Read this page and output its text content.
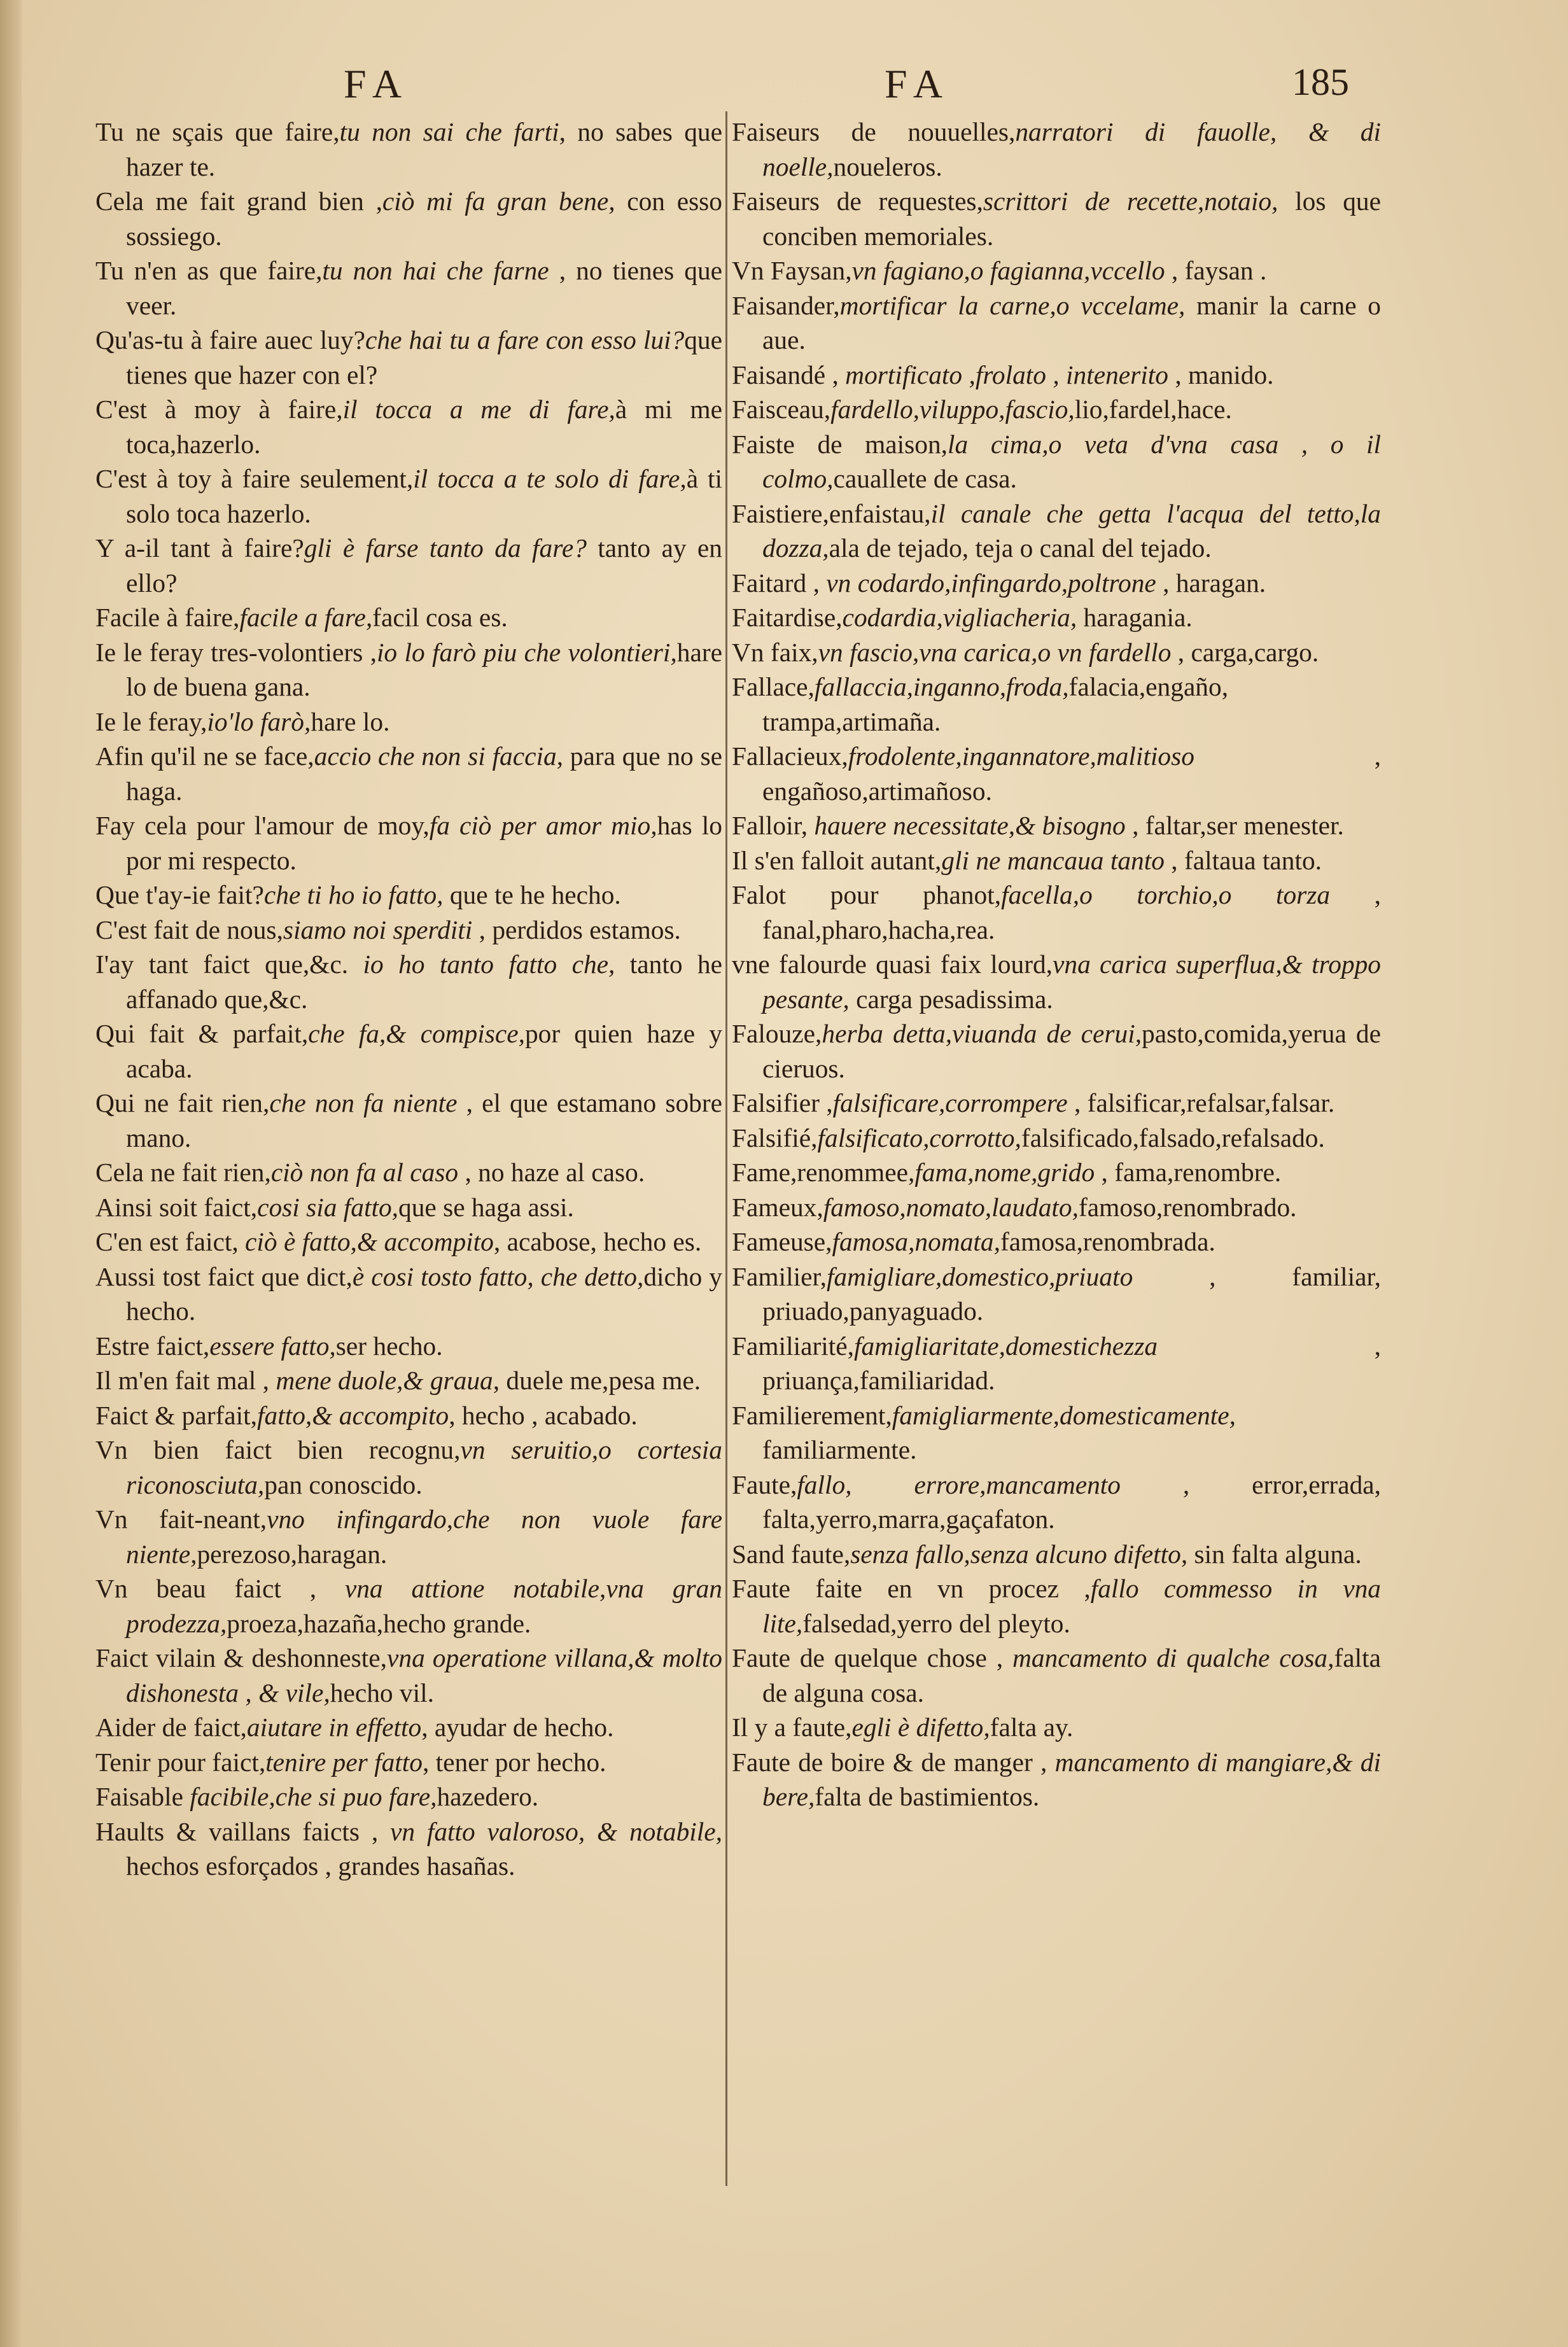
FA	FA	185
Tu ne sçais que faire,tu non sai che farti, no sabes que hazer te.
Cela me fait grand bien ,ciò mi fa gran bene, con esso sossiego.
Tu n'en as que faire,tu non hai che farne , no tienes que veer.
Qu'as-tu à faire auec luy?che hai tu a fare con esso lui?que tienes que hazer con el?
C'est à moy à faire,il tocca a me di fare,à mi me toca,hazerlo.
C'est à toy à faire seulement,il tocca a te solo di fare,à ti solo toca hazerlo.
Y a-il tant à faire?gli è farse tanto da fare? tanto ay en ello?
Facile à faire,facile a fare,facil cosa es.
Ie le feray tres-volontiers ,io lo farò piu che volontieri,hare lo de buena gana.
Ie le feray,io'lo farò,hare lo.
Afin qu'il ne se face,accio che non si faccia, para que no se haga.
Fay cela pour l'amour de moy,fa ciò per amor mio,has lo por mi respecto.
Que t'ay-ie fait?che ti ho io fatto, que te he hecho.
C'est fait de nous,siamo noi sperditi , perdidos estamos.
I'ay tant faict que,&c. io ho tanto fatto che, tanto he affanado que,&c.
Qui fait & parfait,che fa,& compisce,por quien haze y acaba.
Qui ne fait rien,che non fa niente , el que estamano sobre mano.
Cela ne fait rien,ciò non fa al caso , no haze al caso.
Ainsi soit faict,cosi sia fatto,que se haga assi.
C'en est faict, ciò è fatto,& accompito, acabose, hecho es.
Aussi tost faict que dict,è cosi tosto fatto, che detto,dicho y hecho.
Estre faict,essere fatto,ser hecho.
Il m'en fait mal , mene duole,& graua, duele me,pesa me.
Faict & parfait,fatto,& accompito, hecho , acabado.
Vn bien faict bien recognu,vn seruitio,o cortesia riconosciuta,pan conoscido.
Vn fait-neant,vno infingardo,che non vuole fare niente,perezoso,haragan.
Vn beau faict , vna attione notabile,vna gran prodezza,proeza,hazaña,hecho grande.
Faict vilain & deshonneste,vna operatione villana,& molto dishonesta , & vile,hecho vil.
Aider de faict,aiutare in effetto, ayudar de hecho.
Tenir pour faict,tenire per fatto, tener por hecho.
Faisable facibile,che si puo fare,hazedero.
Haults & vaillans faicts , vn fatto valoroso, & notabile, hechos esforçados , grandes hasañas.
Faiseurs de nouuelles,narratori di fauolle, & di noelle,noueleros.
Faiseurs de requestes,scrittori de recette,notaio, los que conciben memoriales.
Vn Faysan,vn fagiano,o fagianna,vccello , faysan .
Faisander,mortificar la carne,o vccelame, manir la carne o aue.
Faisandé , mortificato ,frolato , intenerito , manido.
Faisceau,fardello,viluppo,fascio,lio,fardel,hace.
Faiste de maison,la cima,o veta d'vna casa , o il colmo,cauallete de casa.
Faistiere,enfaistau,il canale che getta l'acqua del tetto,la dozza,ala de tejado, teja o canal del tejado.
Faitard , vn codardo,infingardo,poltrone , haragan.
Faitardise,codardia,vigliacheria, haragania.
Vn faix,vn fascio,vna carica,o vn fardello , carga,cargo.
Fallace,fallaccia,inganno,froda,falacia,engaño, trampa,artimaña.
Fallacieux,frodolente,ingannatore,malitioso , engañoso,artimañoso.
Falloir, hauere necessitate,& bisogno , faltar,ser menester.
Il s'en falloit autant,gli ne mancaua tanto , faltaua tanto.
Falot pour phanot,facella,o torchio,o torza , fanal,pharo,hacha,rea.
vne falourde quasi faix lourd,vna carica superflua,& troppo pesante, carga pesadissima.
Falouze,herba detta,viuanda de cerui,pasto,comida,yerua de cieruos.
Falsifier ,falsificare,corrompere , falsificar,refalsar,falsar.
Falsifié,falsificato,corrotto,falsificado,falsado,refalsado.
Fame,renommee,fama,nome,grido , fama,renombre.
Fameux,famoso,nomato,laudato,famoso,renombrado.
Fameuse,famosa,nomata,famosa,renombrada.
Familier,famigliare,domestico,priuato , familiar, priuado,panyaguado.
Familiarité,famigliaritate,domestichezza , priuança,familiaridad.
Familierement,famigliarmente,domesticamente, familiarmente.
Faute,fallo, errore,mancamento , error,errada, falta,yerro,marra,gaçafaton.
Sand faute,senza fallo,senza alcuno difetto, sin falta alguna.
Faute faite en vn procez ,fallo commesso in vna lite,falsedad,yerro del pleyto.
Faute de quelque chose , mancamento di qualche cosa,falta de alguna cosa.
Il y a faute,egli è difetto,falta ay.
Faute de boire & de manger , mancamento di mangiare,& di bere,falta de bastimientos.
